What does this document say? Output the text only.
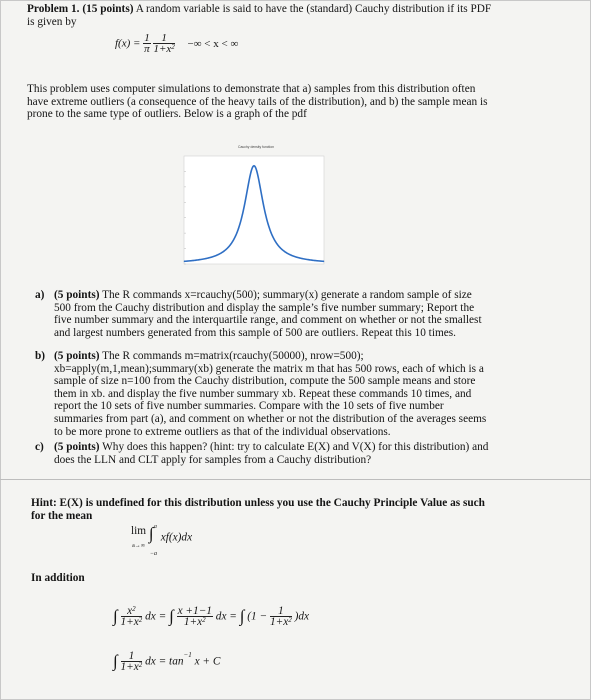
Problem 1. (15 points) A random variable is said to have the (standard) Cauchy distribution if its PDF
is given by
$f(x) = \frac{1}{\pi}$
$\frac{1}{1+x^2}$ −∞ < x < ∞
This problem uses computer simulations to demonstrate that a) samples from this distribution often
have extreme outliers (a consequence of the heavy tails of the distribution), and b) the sample mean is
prone to the same type of outliers. Below is a graph of the pdf
Cauchy density function
a) (5 points) The R commands x=rcauchy(500); summary(x) generate a random sample of size
500 from the Cauchy distribution and display the sample’s five number summary; Report the
five number summary and the interquartile range, and comment on whether or not the smallest
and largest numbers generated from this sample of 500 are outliers. Repeat this 10 times.

b) (5 points) The R commands m=matrix(rcauchy(50000), nrow=500);
xb=apply(m,1,mean);summary(xb) generate the matrix m that has 500 rows, each of which is a
sample of size n=100 from the Cauchy distribution, compute the 500 sample means and store
them in xb. and display the five number summary xb. Repeat these commands 10 times, and
report the 10 sets of five number summaries. Compare with the 10 sets of five number
summaries from part (a), and comment on whether or not the distribution of the averages seems
to be more prone to extreme outliers as that of the individual observations.

c) (5 points) Why does this happen? (hint: try to calculate E(X) and V(X) for this distribution) and
does the LLN and CLT apply for samples from a Cauchy distribution?

Hint: E(X) is undefined for this distribution unless you use the Cauchy Principle Value as such
for the mean
lim
a→∞
a
∫
−a
xf(x)dx
In addition
∫ $\frac{x^2}{1+x^2}$ dx = ∫ $\frac{x +1-1}{1+x^2}$ dx = ∫ $(1 - \frac{1}{1+x^2} )dx$
∫ $\frac{1}{1+x^2}$ dx = $\tan^{-1} x + C$
